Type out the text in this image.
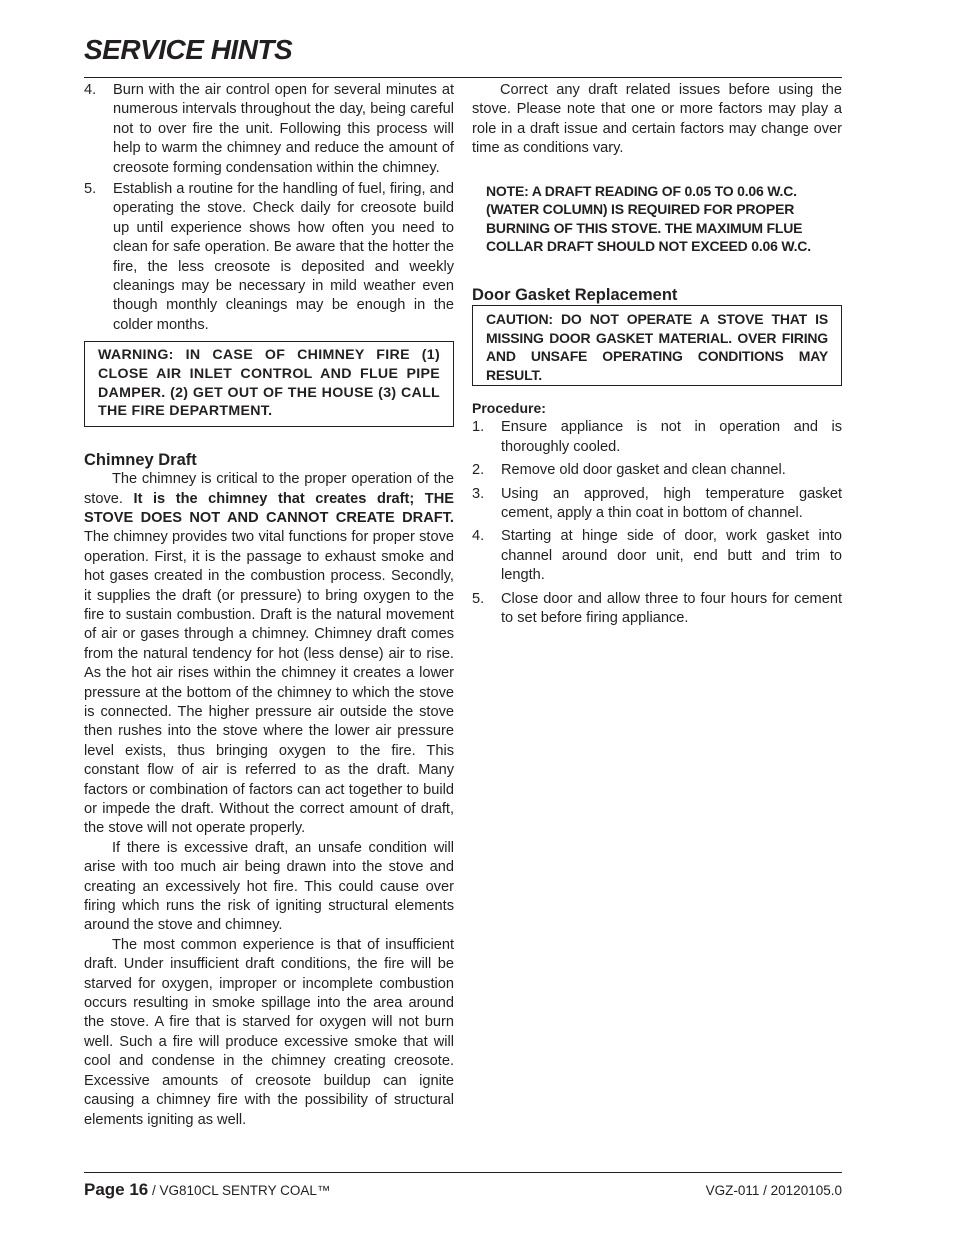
SERVICE HINTS
4. Burn with the air control open for several minutes at numerous intervals throughout the day, being careful not to over fire the unit. Following this process will help to warm the chimney and reduce the amount of creosote forming condensation within the chimney.
5. Establish a routine for the handling of fuel, firing, and operating the stove. Check daily for creosote build up until experience shows how often you need to clean for safe operation. Be aware that the hotter the fire, the less creosote is deposited and weekly cleanings may be necessary in mild weather even though monthly cleanings may be enough in the colder months.
WARNING: IN CASE OF CHIMNEY FIRE (1) CLOSE AIR INLET CONTROL AND FLUE PIPE DAMPER. (2) GET OUT OF THE HOUSE (3) CALL THE FIRE DEPARTMENT.
Chimney Draft

The chimney is critical to the proper operation of the stove. It is the chimney that creates draft; THE STOVE DOES NOT AND CANNOT CREATE DRAFT. The chimney provides two vital functions for proper stove operation. First, it is the passage to exhaust smoke and hot gases created in the combustion process. Secondly, it supplies the draft (or pressure) to bring oxygen to the fire to sustain combustion. Draft is the natural movement of air or gases through a chimney. Chimney draft comes from the natural tendency for hot (less dense) air to rise. As the hot air rises within the chimney it creates a lower pressure at the bottom of the chimney to which the stove is connected. The higher pressure air outside the stove then rushes into the stove where the lower air pressure level exists, thus bringing oxygen to the fire. This constant flow of air is referred to as the draft. Many factors or combination of factors can act together to build or impede the draft. Without the correct amount of draft, the stove will not operate properly.

If there is excessive draft, an unsafe condition will arise with too much air being drawn into the stove and creating an excessively hot fire. This could cause over firing which runs the risk of igniting structural elements around the stove and chimney.

The most common experience is that of insufficient draft. Under insufficient draft conditions, the fire will be starved for oxygen, improper or incomplete combustion occurs resulting in smoke spillage into the area around the stove. A fire that is starved for oxygen will not burn well. Such a fire will produce excessive smoke that will cool and condense in the chimney creating creosote. Excessive amounts of creosote buildup can ignite causing a chimney fire with the possibility of structural elements igniting as well.

Correct any draft related issues before using the stove. Please note that one or more factors may play a role in a draft issue and certain factors may change over time as conditions vary.

NOTE: A DRAFT READING OF 0.05 TO 0.06 W.C. (WATER COLUMN) IS REQUIRED FOR PROPER BURNING OF THIS STOVE. THE MAXIMUM FLUE COLLAR DRAFT SHOULD NOT EXCEED 0.06 W.C.
Door Gasket Replacement
CAUTION: DO NOT OPERATE A STOVE THAT IS MISSING DOOR GASKET MATERIAL. OVER FIRING AND UNSAFE OPERATING CONDITIONS MAY RESULT.
Procedure:
1. Ensure appliance is not in operation and is thoroughly cooled.
2. Remove old door gasket and clean channel.
3. Using an approved, high temperature gasket cement, apply a thin coat in bottom of channel.
4. Starting at hinge side of door, work gasket into channel around door unit, end butt and trim to length.
5. Close door and allow three to four hours for cement to set before firing appliance.
Page 16 / VG810CL SENTRY COAL™	VGZ-011 / 20120105.0
